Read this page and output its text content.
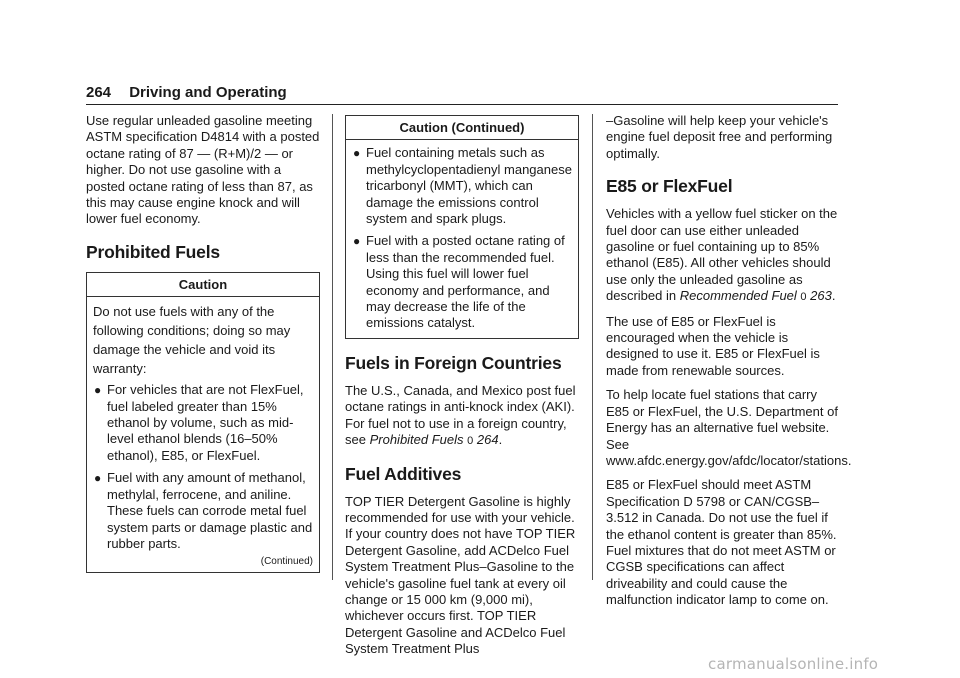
264 Driving and Operating

Use regular unleaded gasoline meeting ASTM specification D4814 with a posted octane rating of 87 — (R+M)/2 — or higher. Do not use gasoline with a posted octane rating of less than 87, as this may cause engine knock and will lower fuel economy.

Prohibited Fuels
Caution

Do not use fuels with any of the following conditions; doing so may damage the vehicle and void its warranty:

● For vehicles that are not FlexFuel, fuel labeled greater than 15% ethanol by volume, such as mid-level ethanol blends (16–50% ethanol), E85, or FlexFuel.
● Fuel with any amount of methanol, methylal, ferrocene, and aniline. These fuels can corrode metal fuel system parts or damage plastic and rubber parts.
(Continued)
Caution (Continued)
● Fuel containing metals such as methylcyclopentadienyl manganese tricarbonyl (MMT), which can damage the emissions control system and spark plugs.
● Fuel with a posted octane rating of less than the recommended fuel. Using this fuel will lower fuel economy and performance, and may decrease the life of the emissions catalyst.
Fuels in Foreign Countries

The U.S., Canada, and Mexico post fuel octane ratings in anti-knock index (AKI). For fuel not to use in a foreign country, see Prohibited Fuels 0 264.

Fuel Additives

TOP TIER Detergent Gasoline is highly recommended for use with your vehicle. If your country does not have TOP TIER Detergent Gasoline, add ACDelco Fuel System Treatment Plus–Gasoline to the vehicle's gasoline fuel tank at every oil change or 15 000 km (9,000 mi), whichever occurs first. TOP TIER Detergent Gasoline and ACDelco Fuel System Treatment Plus

–Gasoline will help keep your vehicle's engine fuel deposit free and performing optimally.

E85 or FlexFuel

Vehicles with a yellow fuel sticker on the fuel door can use either unleaded gasoline or fuel containing up to 85% ethanol (E85). All other vehicles should use only the unleaded gasoline as described in Recommended Fuel 0 263.

The use of E85 or FlexFuel is encouraged when the vehicle is designed to use it. E85 or FlexFuel is made from renewable sources.

To help locate fuel stations that carry E85 or FlexFuel, the U.S. Department of Energy has an alternative fuel website. See www.afdc.energy.gov/afdc/locator/stations.

E85 or FlexFuel should meet ASTM Specification D 5798 or CAN/CGSB–3.512 in Canada. Do not use the fuel if the ethanol content is greater than 85%. Fuel mixtures that do not meet ASTM or CGSB specifications can affect driveability and could cause the malfunction indicator lamp to come on.

carmanualsonline.info
